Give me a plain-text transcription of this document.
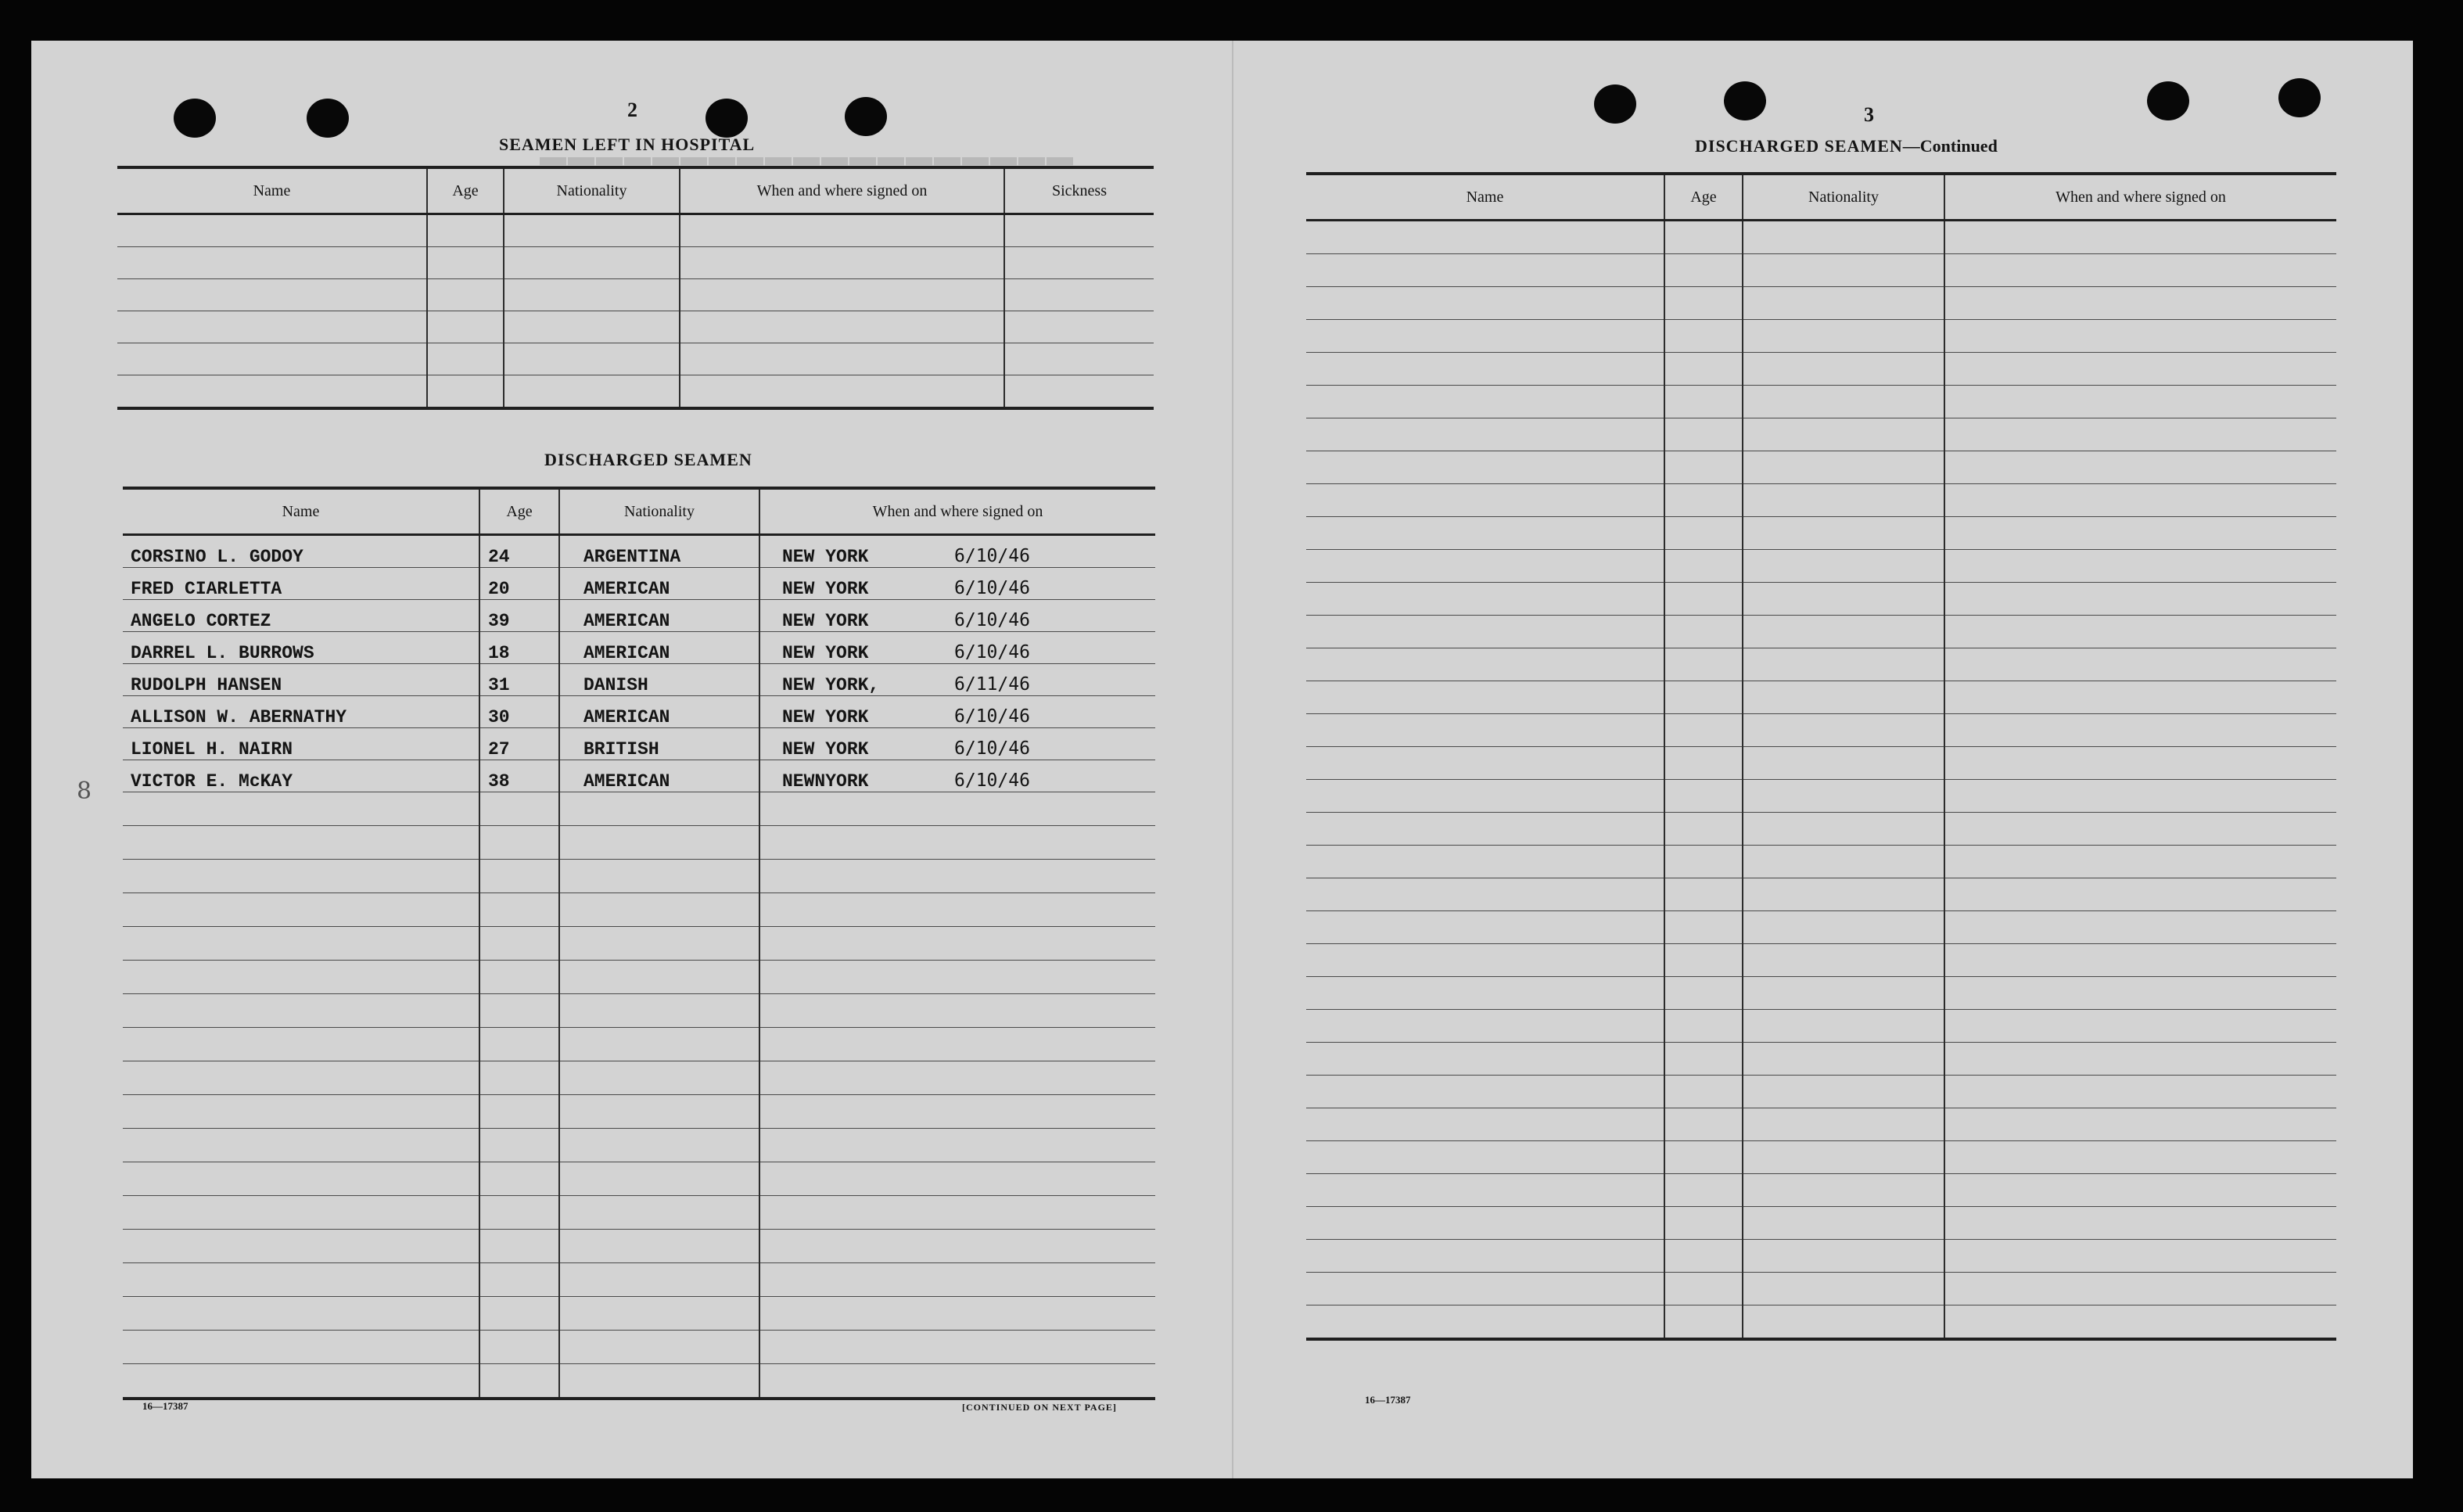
▬▬▬▬▬▬▬▬▬▬▬▬▬▬▬▬▬▬▬
2
SEAMEN LEFT IN HOSPITAL
Name	Age	Nationality	When and where signed on	Sickness

DISCHARGED SEAMEN
Name	Age	Nationality	When and where signed on
CORSINO L. GODOY	24	ARGENTINA	NEW YORK 6/10/46
FRED CIARLETTA	20	AMERICAN	NEW YORK 6/10/46
ANGELO CORTEZ	39	AMERICAN	NEW YORK 6/10/46
DARREL L. BURROWS	18	AMERICAN	NEW YORK 6/10/46
RUDOLPH HANSEN	31	DANISH	NEW YORK, 6/11/46
ALLISON W. ABERNATHY	30	AMERICAN	NEW YORK 6/10/46
LIONEL H. NAIRN	27	BRITISH	NEW YORK 6/10/46
VICTOR E. McKAY	38	AMERICAN	NEWNYORK 6/10/46

8
16—17387	[CONTINUED ON NEXT PAGE]
3
DISCHARGED SEAMEN—Continued
Name	Age	Nationality	When and where signed on

16—17387
